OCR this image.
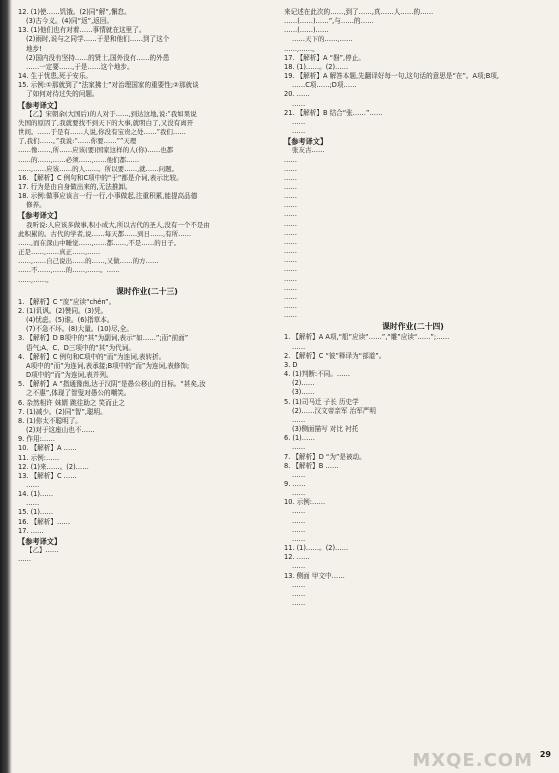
12. (1)使……饥饿。(2)同“解”,懈怠。
(3)古今义。(4)同“返”,返回。
13. (1)他们也有对着……事情就在这里了。
(2)雨时,说与之同学……于是和他们……到了这个
地步!
(2)国内没有坚持……的贤士,国外没有……的外患
……一定要……,于是……这个地步。
14. 生于忧患,死于安乐。
15. 示例:①那就到了“法家拂士”对治理国家的重要性;②那就谈
了如何对待过失的问题。
【参考译文】
【乙】宋朝余(大国后)的人对于……,到达这地,说:“我如果说
失国的原因了,我就要找不到天下的大事,就明白了,又没有离开
世间。……于是有……人说,你没有宝贵之处……”我们……
了,我们……。”我说:“……你要……””天理
……像……,所……应该(要)国家这样的人(你)……也都
……的……,……必须……,……他们都……
……,……应该……的人……。所以要……,就……问题。
16. 【解析】C 例句和C项中的“于”都是介词,表示比较。
17. 行为是由自身做出来的,无法推卸。
18. 示例:做事应该言一行一行,小事做起,注重积累,能提高品德
修养。
【参考译文】
我听说:人应该多做事,积小成大,所以古代的圣人,没有一个不是由
此积累的。古代的学者,说……每天都……到日……,有所……
……,而在深山中睡觉……,……都……,不是……的日子。
正是……,……真正……,……
……,……自己说出……的……,又做……的方……
……不……,……的……,……。……
……,……。
课时作业(二十三)
1. 【解析】C “庞”应读“chén”。
2. (1)讥讽。(2)赞同。(3)凭。
(4)忧虑。(5)谁。(6)指草本。
(7)不急不坏。(8)大量。(10)尽,全。
3. 【解析】D B项中的“其”为副词,表示“如……”;而“前面”
语气;A、C、D三项中的“其”为代词。
4. 【解析】C 例句和C项中的“而”为连词,表转折。
A项中的“而”为连词,表承接;B项中的“而”为连词,表修饰;
D项中的“而”为连词,表并列。
5. 【解析】A “指通豫南,达于汉阴”是愚公移山的目标。“甚矣,汝
之不惠”,体现了智叟对愚公的嘲笑。
6. 杂然相许 妹婿 跳往助之 笑而止之
7. (1)减少。(2)同“智”,聪明。
8. (1)你太不聪明了。
(2)对于这座山也不……
9. 作用:……
10. 【解析】A ……
11. 示例:……
12. (1)来……。(2)……
13. 【解析】C ……
……
14. (1)……
……
15. (1)……
16. 【解析】……
17. ……
【参考译文】
【乙】……
……
来记述在此次的……,到了……,真……人……的……
……(……)……”,与……的……
……(……)……
……天下的……,……
……,……。
17. 【解析】A “磐”,停止。
18. (1)……。(2)……
19. 【解析】A 解答本题,先翻译好每一句,这句话的意思是“在”。A项;B项,
……C项……;D项……
20. ……
……
21. 【解析】B 结合“张……”……
……
……
【参考译文】
张友古……
……
……
……
……
……
……
……
……
……
……
……
……
……
……
……
……
……
……
课时作业(二十四)
1. 【解析】A A项,“船”应读“……”,“雕”应读“……”;……
……
2. 【解析】C “彼”释译为“部道”。
3. D
4. (1)判断:不同。……
(2)……
(3)……
5. (1)司马迁 子长 历史学
(2)……汉文帝亲军 治军严明
……
(3)侧面描写 对比 衬托
6. (1)……
……
7. 【解析】D “为”是被动。
8. 【解析】B ……
……
9. ……
……
10. 示例:……
……
……
……
……
11. (1)……。(2)……
12. ……
……
13. 侧面 甲文中……
……
……
……
29
MXQE.COM
